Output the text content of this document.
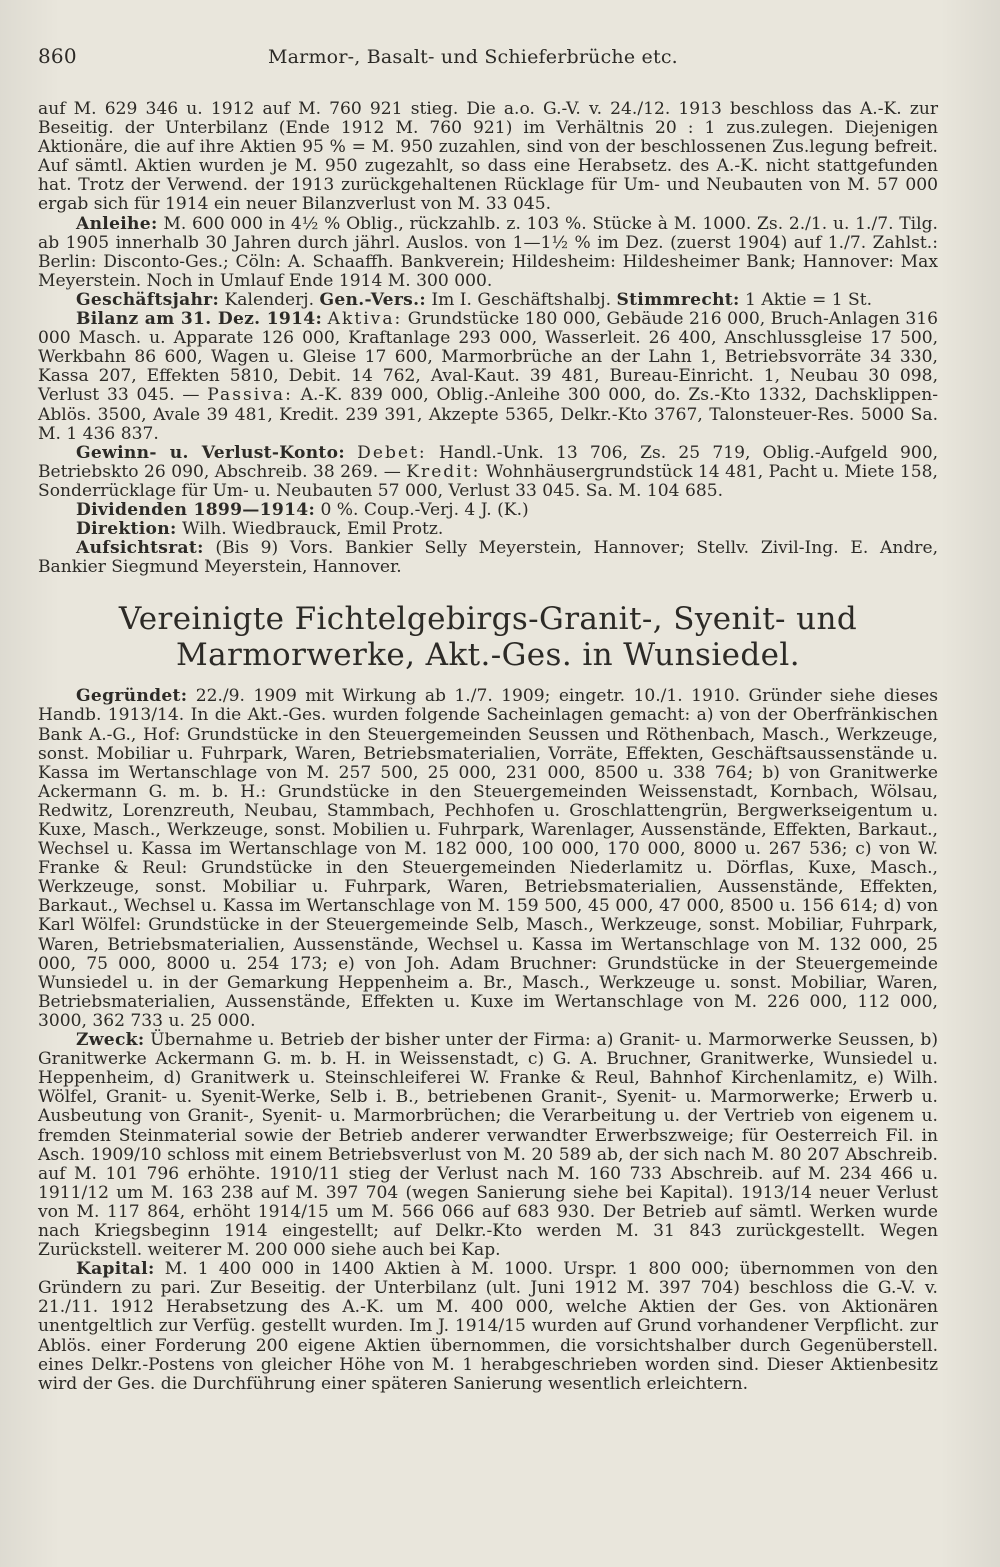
860	Marmor-, Basalt- und Schieferbrüche etc.

auf M. 629 346 u. 1912 auf M. 760 921 stieg. Die a.o. G.-V. v. 24./12. 1913 beschloss das A.-K. zur Beseitig. der Unterbilanz (Ende 1912 M. 760 921) im Verhältnis 20 : 1 zus.zulegen. Diejenigen Aktionäre, die auf ihre Aktien 95 % = M. 950 zuzahlen, sind von der beschlossenen Zus.legung befreit. Auf sämtl. Aktien wurden je M. 950 zugezahlt, so dass eine Herabsetz. des A.-K. nicht stattgefunden hat. Trotz der Verwend. der 1913 zurückgehaltenen Rücklage für Um- und Neubauten von M. 57 000 ergab sich für 1914 ein neuer Bilanzverlust von M. 33 045.

Anleihe: M. 600 000 in 4½ % Oblig., rückzahlb. z. 103 %. Stücke à M. 1000. Zs. 2./1. u. 1./7. Tilg. ab 1905 innerhalb 30 Jahren durch jährl. Auslos. von 1—1½ % im Dez. (zuerst 1904) auf 1./7. Zahlst.: Berlin: Disconto-Ges.; Cöln: A. Schaaffh. Bankverein; Hildesheim: Hildesheimer Bank; Hannover: Max Meyerstein. Noch in Umlauf Ende 1914 M. 300 000.

Geschäftsjahr: Kalenderj. Gen.-Vers.: Im I. Geschäftshalbj. Stimmrecht: 1 Aktie = 1 St.

Bilanz am 31. Dez. 1914: Aktiva: Grundstücke 180 000, Gebäude 216 000, Bruch-Anlagen 316 000 Masch. u. Apparate 126 000, Kraftanlage 293 000, Wasserleit. 26 400, Anschlussgleise 17 500, Werkbahn 86 600, Wagen u. Gleise 17 600, Marmorbrüche an der Lahn 1, Betriebsvorräte 34 330, Kassa 207, Effekten 5810, Debit. 14 762, Aval-Kaut. 39 481, Bureau-Einricht. 1, Neubau 30 098, Verlust 33 045. — Passiva: A.-K. 839 000, Oblig.-Anleihe 300 000, do. Zs.-Kto 1332, Dachsklippen-Ablös. 3500, Avale 39 481, Kredit. 239 391, Akzepte 5365, Delkr.-Kto 3767, Talonsteuer-Res. 5000 Sa. M. 1 436 837.

Gewinn- u. Verlust-Konto: Debet: Handl.-Unk. 13 706, Zs. 25 719, Oblig.-Aufgeld 900, Betriebskto 26 090, Abschreib. 38 269. — Kredit: Wohnhäusergrundstück 14 481, Pacht u. Miete 158, Sonderrücklage für Um- u. Neubauten 57 000, Verlust 33 045. Sa. M. 104 685.

Dividenden 1899—1914: 0 %. Coup.-Verj. 4 J. (K.)

Direktion: Wilh. Wiedbrauck, Emil Protz.

Aufsichtsrat: (Bis 9) Vors. Bankier Selly Meyerstein, Hannover; Stellv. Zivil-Ing. E. Andre, Bankier Siegmund Meyerstein, Hannover.

Vereinigte Fichtelgebirgs-Granit-, Syenit- und Marmorwerke, Akt.-Ges. in Wunsiedel.

Gegründet: 22./9. 1909 mit Wirkung ab 1./7. 1909; eingetr. 10./1. 1910. Gründer siehe dieses Handb. 1913/14. In die Akt.-Ges. wurden folgende Sacheinlagen gemacht: a) von der Oberfränkischen Bank A.-G., Hof: Grundstücke in den Steuergemeinden Seussen und Röthenbach, Masch., Werkzeuge, sonst. Mobiliar u. Fuhrpark, Waren, Betriebsmaterialien, Vorräte, Effekten, Geschäftsaussenstände u. Kassa im Wertanschlage von M. 257 500, 25 000, 231 000, 8500 u. 338 764; b) von Granitwerke Ackermann G. m. b. H.: Grundstücke in den Steuergemeinden Weissenstadt, Kornbach, Wölsau, Redwitz, Lorenzreuth, Neubau, Stammbach, Pechhofen u. Groschlattengrün, Bergwerkseigentum u. Kuxe, Masch., Werkzeuge, sonst. Mobilien u. Fuhrpark, Warenlager, Aussenstände, Effekten, Barkaut., Wechsel u. Kassa im Wertanschlage von M. 182 000, 100 000, 170 000, 8000 u. 267 536; c) von W. Franke & Reul: Grundstücke in den Steuergemeinden Niederlamitz u. Dörflas, Kuxe, Masch., Werkzeuge, sonst. Mobiliar u. Fuhrpark, Waren, Betriebsmaterialien, Aussenstände, Effekten, Barkaut., Wechsel u. Kassa im Wertanschlage von M. 159 500, 45 000, 47 000, 8500 u. 156 614; d) von Karl Wölfel: Grundstücke in der Steuergemeinde Selb, Masch., Werkzeuge, sonst. Mobiliar, Fuhrpark, Waren, Betriebsmaterialien, Aussenstände, Wechsel u. Kassa im Wertanschlage von M. 132 000, 25 000, 75 000, 8000 u. 254 173; e) von Joh. Adam Bruchner: Grundstücke in der Steuergemeinde Wunsiedel u. in der Gemarkung Heppenheim a. Br., Masch., Werkzeuge u. sonst. Mobiliar, Waren, Betriebsmaterialien, Aussenstände, Effekten u. Kuxe im Wertanschlage von M. 226 000, 112 000, 3000, 362 733 u. 25 000.

Zweck: Übernahme u. Betrieb der bisher unter der Firma: a) Granit- u. Marmorwerke Seussen, b) Granitwerke Ackermann G. m. b. H. in Weissenstadt, c) G. A. Bruchner, Granitwerke, Wunsiedel u. Heppenheim, d) Granitwerk u. Steinschleiferei W. Franke & Reul, Bahnhof Kirchenlamitz, e) Wilh. Wölfel, Granit- u. Syenit-Werke, Selb i. B., betriebenen Granit-, Syenit- u. Marmorwerke; Erwerb u. Ausbeutung von Granit-, Syenit- u. Marmorbrüchen; die Verarbeitung u. der Vertrieb von eigenem u. fremden Steinmaterial sowie der Betrieb anderer verwandter Erwerbszweige; für Oesterreich Fil. in Asch. 1909/10 schloss mit einem Betriebsverlust von M. 20 589 ab, der sich nach M. 80 207 Abschreib. auf M. 101 796 erhöhte. 1910/11 stieg der Verlust nach M. 160 733 Abschreib. auf M. 234 466 u. 1911/12 um M. 163 238 auf M. 397 704 (wegen Sanierung siehe bei Kapital). 1913/14 neuer Verlust von M. 117 864, erhöht 1914/15 um M. 566 066 auf 683 930. Der Betrieb auf sämtl. Werken wurde nach Kriegsbeginn 1914 eingestellt; auf Delkr.-Kto werden M. 31 843 zurückgestellt. Wegen Zurückstell. weiterer M. 200 000 siehe auch bei Kap.

Kapital: M. 1 400 000 in 1400 Aktien à M. 1000. Urspr. 1 800 000; übernommen von den Gründern zu pari. Zur Beseitig. der Unterbilanz (ult. Juni 1912 M. 397 704) beschloss die G.-V. v. 21./11. 1912 Herabsetzung des A.-K. um M. 400 000, welche Aktien der Ges. von Aktionären unentgeltlich zur Verfüg. gestellt wurden. Im J. 1914/15 wurden auf Grund vorhandener Verpflicht. zur Ablös. einer Forderung 200 eigene Aktien übernommen, die vorsichtshalber durch Gegenüberstell. eines Delkr.-Postens von gleicher Höhe von M. 1 herabgeschrieben worden sind. Dieser Aktienbesitz wird der Ges. die Durchführung einer späteren Sanierung wesentlich erleichtern.
